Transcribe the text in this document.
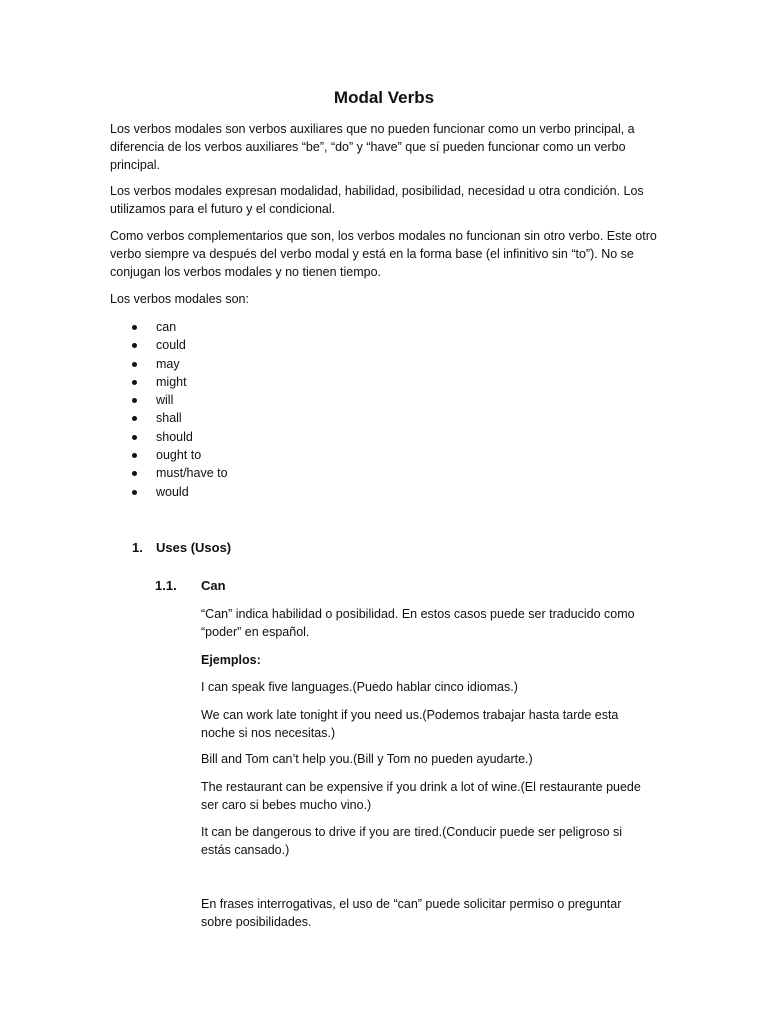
Modal Verbs

Los verbos modales son verbos auxiliares que no pueden funcionar como un verbo principal, a diferencia de los verbos auxiliares “be”, “do” y “have” que sí pueden funcionar como un verbo principal.

Los verbos modales expresan modalidad, habilidad, posibilidad, necesidad u otra condición. Los utilizamos para el futuro y el condicional.

Como verbos complementarios que son, los verbos modales no funcionan sin otro verbo. Este otro verbo siempre va después del verbo modal y está en la forma base (el infinitivo sin “to”). No se conjugan los verbos modales y no tienen tiempo.

Los verbos modales son:

can
could
may
might
will
shall
should
ought to
must/have to
would
1. Uses (Usos)
1.1. Can

“Can” indica habilidad o posibilidad. En estos casos puede ser traducido como “poder” en español.

Ejemplos:

I can speak five languages.(Puedo hablar cinco idiomas.)

We can work late tonight if you need us.(Podemos trabajar hasta tarde esta noche si nos necesitas.)

Bill and Tom can’t help you.(Bill y Tom no pueden ayudarte.)

The restaurant can be expensive if you drink a lot of wine.(El restaurante puede ser caro si bebes mucho vino.)

It can be dangerous to drive if you are tired.(Conducir puede ser peligroso si estás cansado.)

En frases interrogativas, el uso de “can” puede solicitar permiso o preguntar sobre posibilidades.
